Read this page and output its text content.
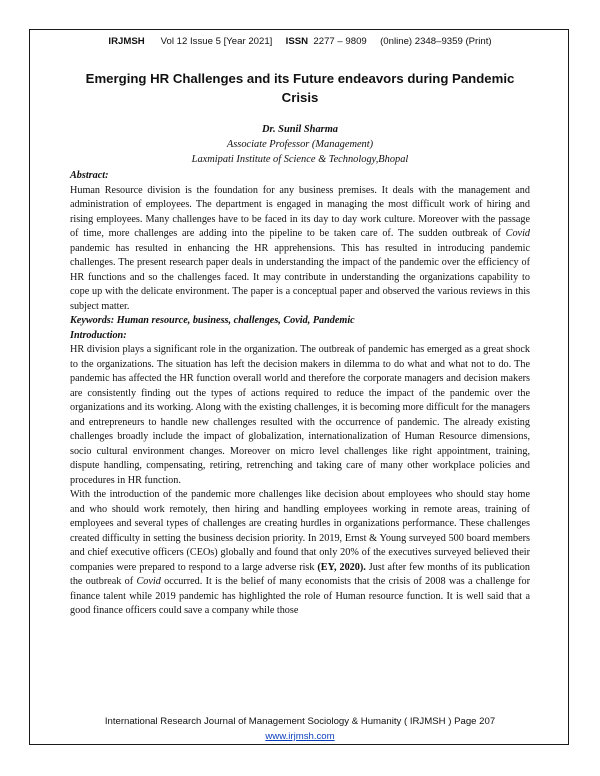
IRJMSH Vol 12 Issue 5 [Year 2021] ISSN 2277 – 9809     (0nline) 2348–9359 (Print)
Emerging HR Challenges and its Future endeavors during Pandemic Crisis
Dr. Sunil Sharma
Associate Professor (Management)
Laxmipati Institute of Science & Technology,Bhopal

Abstract:

Human Resource division is the foundation for any business premises. It deals with the management and administration of employees. The department is engaged in managing the most difficult work of hiring and rising employees. Many challenges have to be faced in its day to day work culture. Moreover with the passage of time, more challenges are adding into the pipeline to be taken care of. The sudden outbreak of Covid pandemic has resulted in enhancing the HR apprehensions. This has resulted in introducing pandemic challenges. The present research paper deals in understanding the impact of the pandemic over the efficiency of HR functions and so the challenges faced. It may contribute in understanding the organizations capability to cope up with the delicate environment. The paper is a conceptual paper and observed the various reviews in this subject matter.

Keywords: Human resource, business, challenges, Covid, Pandemic

Introduction:

HR division plays a significant role in the organization. The outbreak of pandemic has emerged as a great shock to the organizations. The situation has left the decision makers in dilemma to do what and what not to do. The pandemic has affected the HR function overall world and therefore the corporate managers and decision makers are consistently finding out the types of actions required to reduce the impact of the pandemic over the organizations and its working. Along with the existing challenges, it is becoming more difficult for the managers and entrepreneurs to handle new challenges resulted with the occurrence of pandemic. The already existing challenges broadly include the impact of globalization, internationalization of Human Resource dimensions, socio cultural environment changes. Moreover on micro level challenges like right appointment, training, dispute handling, compensating, retiring, retrenching and taking care of many other workplace policies and procedures in HR function.

With the introduction of the pandemic more challenges like decision about employees who should stay home and who should work remotely, then hiring and handling employees working in remote areas, training of employees and several types of challenges are creating hurdles in organizations performance. These challenges created difficulty in setting the business decision priority. In 2019, Ernst & Young surveyed 500 board members and chief executive officers (CEOs) globally and found that only 20% of the executives surveyed believed their companies were prepared to respond to a large adverse risk (EY, 2020). Just after few months of its publication the outbreak of Covid occurred. It is the belief of many economists that the crisis of 2008 was a challenge for finance talent while 2019 pandemic has highlighted the role of Human resource function. It is well said that a good finance officers could save a company while those

International Research Journal of Management Sociology & Humanity ( IRJMSH ) Page 207
www.irjmsh.com
